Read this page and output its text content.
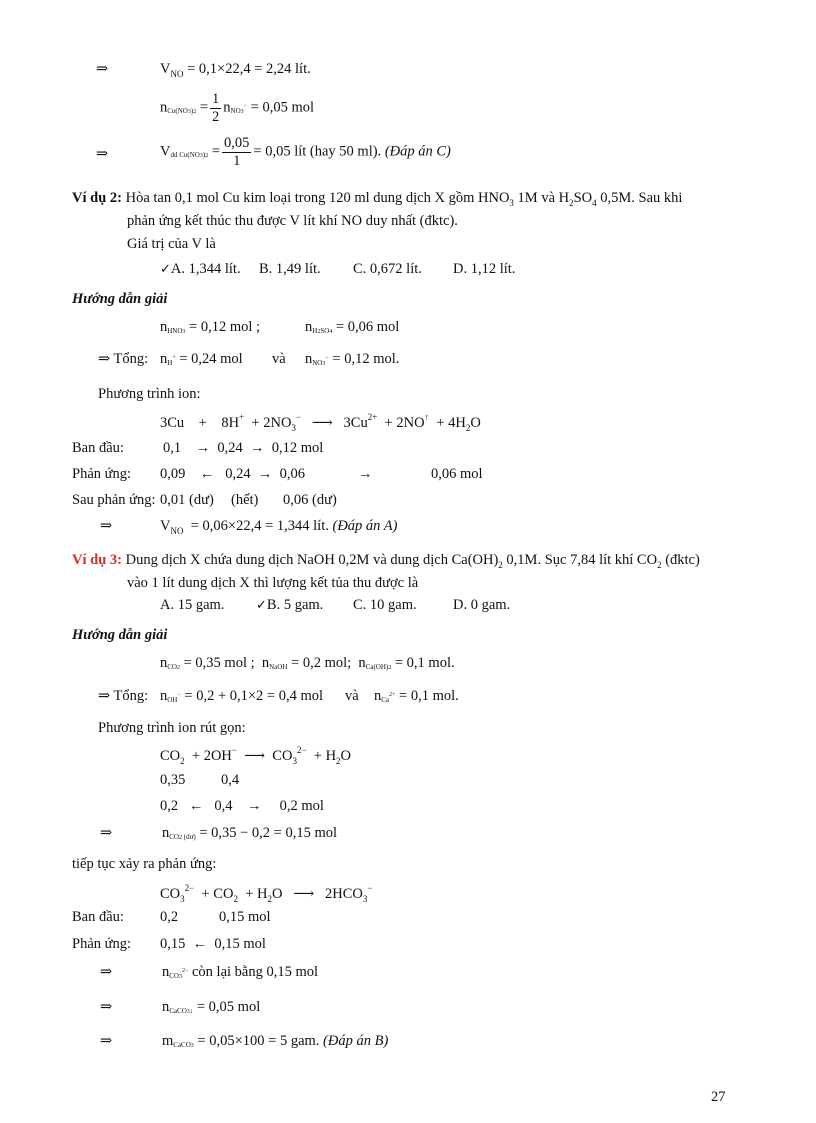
⇒	$V_{NO} = 0,1\times 22,4 = 2,24$ lít.
$nCu(NO3)2 = \frac{1}{2} nNO3- = 0,05$ mol
⇒	Vdd $Cu(NO3)2 = \frac{0,05}{1} = 0,05$ lít (hay 50 ml). (Đáp án C)
Ví dụ 2: Hòa tan 0,1 mol Cu kim loại trong 120 ml dung dịch X gồm $HNO_3$ 1M và $H_2SO_4$ 0,5M. Sau khi
phản ứng kết thúc thu được V lít khí NO duy nhất (đktc).
Giá trị của V là
✓A. 1,344 lít. B. 1,49 lít. C. 0,672 lít. D. 1,12 lít.
Hướng dẫn giải
nHNO3 = 0,12 mol ;	nH2SO4 = 0,06 mol
⇒ Tổng: nH+ = 0,24 mol và nNO3− = 0,12 mol.
Phương trình ion:
$3Cu + 8H^+ + 2NO_3^-$ ⟶ $3Cu^{2+} + 2NO^↑ + 4H_2O$
Ban đầu:	0,1 → 0,24 → 0,12 mol
Phản ứng: 0,09 ← 0,24 → 0,06	→	0,06 mol
Sau phản ứng: 0,01 (dư) (hết) 0,06 (dư)
⇒	$V_{NO} = 0,06\times 22,4 = 1,344$ lít. (Đáp án A)
Ví dụ 3: Dung dịch X chứa dung dịch NaOH 0,2M và dung dịch $Ca(OH)_2$ 0,1M. Sục 7,84 lít khí $CO_2$ (đktc)
vào 1 lít dung dịch X thì lượng kết tủa thu được là
A. 15 gam. ✓B. 5 gam. C. 10 gam.	D. 0 gam.
Hướng dẫn giải
nCO2 = 0,35 mol ;  nNaOH = 0,2 mol;  nCa(OH)2 = 0,1 mol.
⇒ Tổng: nOH− = 0,2 + 0,1×2 = 0,4 mol và nCa2+ = 0,1 mol.
Phương trình ion rút gọn:
$CO_2 + 2OH^-$ ⟶ $CO_3^{2-} + H_2O$
0,35 0,4
0,2 ← 0,4 → 0,2 mol
⇒	nCO2 (dư) = 0,35 − 0,2 = 0,15 mol
tiếp tục xảy ra phản ứng:
$CO_3^{2-} + CO_2 + H_2O$   ⟶ $2HCO_3^-$
Ban đầu: 0,2	0,15 mol
Phản ứng: 0,15 ← 0,15 mol
⇒	nCO32− còn lại bằng 0,15 mol
⇒	nCaCO3↓ = 0,05 mol
⇒	mCaCO3 = 0,05×100 = 5 gam. (Đáp án B)
27
